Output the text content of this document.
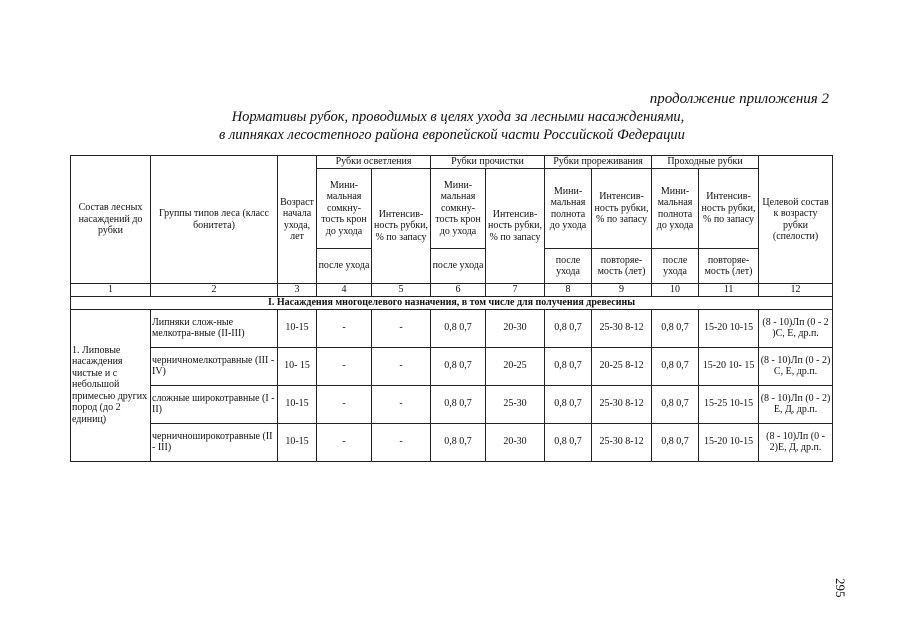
продолжение приложения 2
Нормативы рубок, проводимых в целях ухода за лесными насаждениями,
в липняках лесостепного района европейской части Российской Федерации
Состав лесных насаждений до рубки	Группы типов леса (класс бонитета)	Возраст начала ухода, лет	Рубки осветления		Рубки прочистки		Рубки прореживания		Проходные рубки		Целевой состав к возрасту рубки (спелости)
			Мини-мальная сомкну-тость крон до ухода	Интенсив-ность рубки, % по запасу	Мини-мальная сомкну-тость крон до ухода	Интенсив-ность рубки, % по запасу	Мини-мальная полнота до ухода	Интенсив-ность рубки, % по запасу	Мини-мальная полнота до ухода	Интенсив-ность рубки, % по запасу	
			после ухода		после ухода		после ухода	повторяе-мость (лет)	после ухода	повторяе-мость (лет)	
1	2	3	4	5	6	7	8	9	10	11	12
I. Насаждения многоцелевого назначения, в том числе для получения древесины											
1. Липовые насаждения чистые и с небольшой примесью других пород (до 2 единиц)	Липняки слож-ные мелкотра-вные (II-III)	10-15	-	-	0,8 0,7	20-30	0,8 0,7	25-30 8-12	0,8 0,7	15-20 10-15	(8 - 10)Лп (0 - 2 )С, Е, др.п.
	черничномелкотравные (III - IV)	10- 15	-	-	0,8 0,7	20-25	0,8 0,7	20-25 8-12	0,8 0,7	15-20 10- 15	(8 - 10)Лп (0 - 2) С, Е, др.п.
	сложные широкотравные (I - II)	10-15	-	-	0,8 0,7	25-30	0,8 0,7	25-30 8-12	0,8 0,7	15-25 10-15	(8 - 10)Лп (0 - 2) Е, Д, др.п.
	черничноширокотравные (II - III)	10-15	-	-	0,8 0,7	20-30	0,8 0,7	25-30 8-12	0,8 0,7	15-20 10-15	(8 - 10)Лп (0 - 2)Е, Д, др.п.
295
